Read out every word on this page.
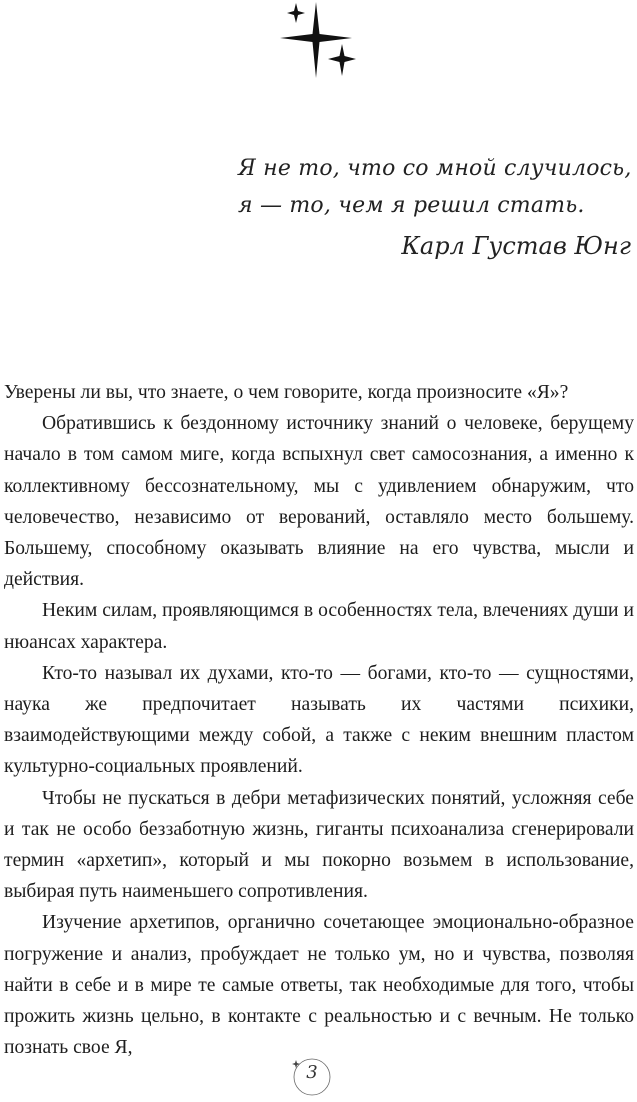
Я не то, что со мной случилось,
я — то, чем я решил стать.
Карл Густав Юнг

Уверены ли вы, что знаете, о чем говорите, когда произносите «Я»?

Обратившись к бездонному источнику знаний о человеке, берущему начало в том самом миге, когда вспыхнул свет самосознания, а именно к коллективному бессознательному, мы с удивлением обнаружим, что человечество, независимо от верований, оставляло место большему. Большему, способному оказывать влияние на его чувства, мысли и действия.

Неким силам, проявляющимся в особенностях тела, влечениях души и нюансах характера.

Кто-то называл их духами, кто-то — богами, кто-то — сущностями, наука же предпочитает называть их частями психики, взаимодействующими между собой, а также с неким внешним пластом культурно-социальных проявлений.

Чтобы не пускаться в дебри метафизических понятий, усложняя себе и так не особо беззаботную жизнь, гиганты психоанализа сгенерировали термин «архетип», который и мы покорно возьмем в использование, выбирая путь наименьшего сопротивления.

Изучение архетипов, органично сочетающее эмоционально-образное погружение и анализ, пробуждает не только ум, но и чувства, позволяя найти в себе и в мире те самые ответы, так необходимые для того, чтобы прожить жизнь цельно, в контакте с реальностью и с вечным. Не только познать свое Я,

3
